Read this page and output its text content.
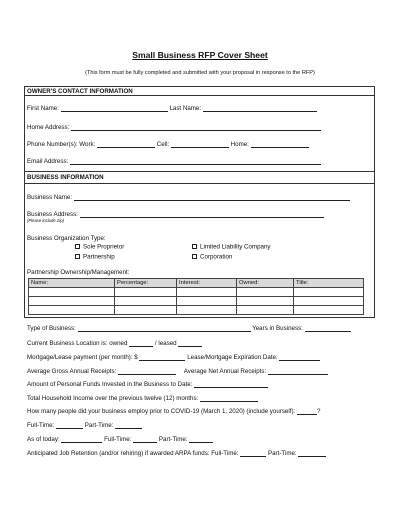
Small Business RFP Cover Sheet
(This form must be fully completed and submitted with your proposal in response to the RFP)
OWNER'S CONTACT INFORMATION
First Name:	Last Name:
Home Address:
Phone Number(s): Work:	Cell:	Home:
Email Address:
BUSINESS INFORMATION
Business Name:
Business Address:
(Please include Zip)
Business Organization Type:
Sole Proprietor	Limited Liability Company
Partnership	Corporation
Partnership Ownership/Management:
Name:	Percentage:	Interest:	Owned:	Title:

Type of Business:	Years in Business:
Current Business Location is: owned	/ leased
Mortgage/Lease payment (per month): $	Lease/Mortgage Expiration Date:
Average Gross Annual Receipts:	Average Net Annual Receipts:
Amount of Personal Funds Invested in the Business to Date:
Total Household Income over the previous twelve (12) months:
How many people did your business employ prior to COVID-19 (March 1, 2020) (include yourself):	?
Full-Time:	Part-Time:
As of today:	Full-Time:	Part-Time:
Anticipated Job Retention (and/or rehiring) if awarded ARPA funds: Full-Time:	Part-Time:
